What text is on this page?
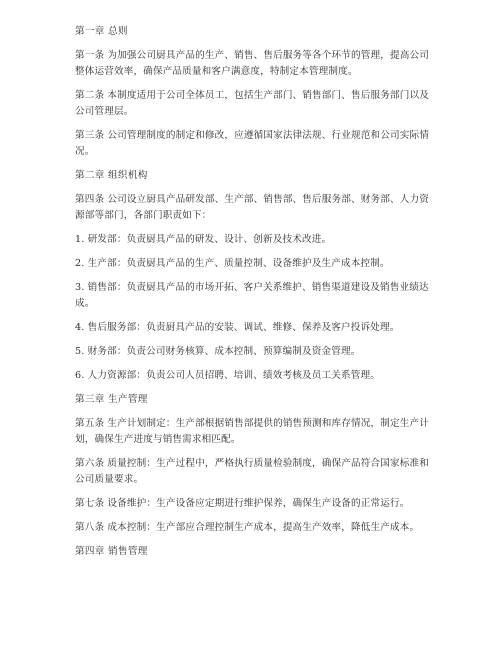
第一章 总则

第一条 为加强公司厨具产品的生产、销售、售后服务等各个环节的管理，提高公司整体运营效率，确保产品质量和客户满意度，特制定本管理制度。

第二条 本制度适用于公司全体员工，包括生产部门、销售部门、售后服务部门以及公司管理层。

第三条 公司管理制度的制定和修改，应遵循国家法律法规、行业规范和公司实际情况。

第二章 组织机构

第四条 公司设立厨具产品研发部、生产部、销售部、售后服务部、财务部、人力资源部等部门，各部门职责如下：

1. 研发部：负责厨具产品的研发、设计、创新及技术改进。

2. 生产部：负责厨具产品的生产、质量控制、设备维护及生产成本控制。

3. 销售部：负责厨具产品的市场开拓、客户关系维护、销售渠道建设及销售业绩达成。

4. 售后服务部：负责厨具产品的安装、调试、维修、保养及客户投诉处理。

5. 财务部：负责公司财务核算、成本控制、预算编制及资金管理。

6. 人力资源部：负责公司人员招聘、培训、绩效考核及员工关系管理。

第三章 生产管理

第五条 生产计划制定：生产部根据销售部提供的销售预测和库存情况，制定生产计划，确保生产进度与销售需求相匹配。

第六条 质量控制：生产过程中，严格执行质量检验制度，确保产品符合国家标准和公司质量要求。

第七条 设备维护：生产设备应定期进行维护保养，确保生产设备的正常运行。

第八条 成本控制：生产部应合理控制生产成本，提高生产效率，降低生产成本。

第四章 销售管理
